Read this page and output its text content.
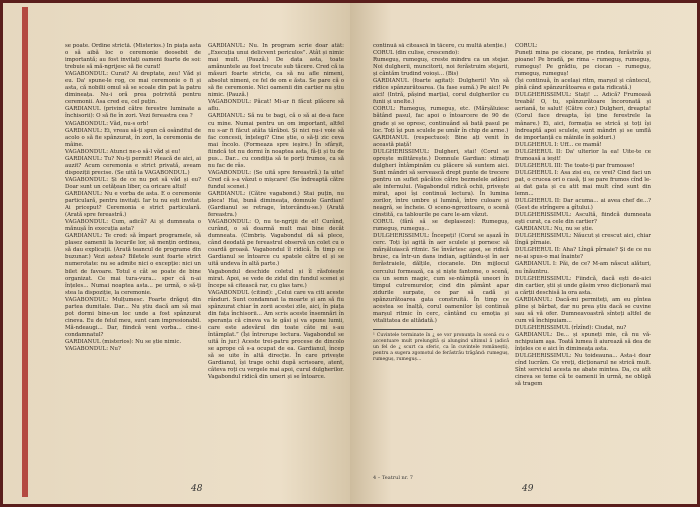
se poate. Ordine strictă. (Misterios.) În piața asta o să aibă loc o ceremonie deosebit de importantă; au fost invitați oameni foarte de soi: trebuie să mă-ngrijesc să fie curat!

VAGABONDUL: Curat? Ai dreptate, zeu! Văd și eu. Da' spune-le rog, ce mai ceremonie o fi și asta, că nobilii omul să se scoale din pat la patru dimineața. Nu-i oră prea potrivită pentru ceremonii. Asa cred eu, cel puțin.

GARDIANUL (privind către ferestre luminate a închisorii): O să fie în zori. Vezi fereastra cea ?

VAGABONDUL: Văd, nu-s orb!

GARDIANUL: Ei, vreau să-ți spun că osânditul de acolo o să fie spânzurat, în zori, la ceremonia de mâine.

VAGABONDUL: Atunci ne-o să-l văd și eu!

GARDIANUL: Tu? Nu-ți permit! Pleacă de aici, ai auzit? Acum ceremonia e strict privată, aveam dispoziții precise. (Se uită la VAGABONDUL.)

VAGABONDUL: Și de ce nu pot să văd și eu? Doar sunt un cetățean liber, ca oricare altul!

GARDIANUL: Nu e vorba de asta. E o ceremonie particulară, pentru invitați. Iar tu nu ești invitat. Ai priceput? Ceremonia e strict particulară. (Arată spre fereastră.)

VAGABONDUL: Cum, adică? Ai și dumneata o mănușă în execuția asta?

GARDIANUL: Te cred: să împart programele, să plasez oamenii la locurile lor, să mențin ordinea, să dau explicații. (Arată teancul de programe din buzunar.) Vezi astea? Biletele sunt foarte strict numerotate: nu se admite nici o excepție: nici un bilet de favoare. Totul e cât se poate de bine organizat. Ce mai tura-vura... sper că n-ai înțeles... Numai noaptea asta... pe urmă, o să-ți stea la dispoziție, la ceremonie.

VAGABONDUL: Mulțumesc. Foarte drăguț din partea dumitale. Dar... Nu știu dacă am să mai pot dormi bine-un loc unde a fost spânzurat cineva. Eu de felul meu, sunt cam impresionabil. Mă-ndeaugi... Dar, fiindcă veni vorba... cine-i condamnatul?

GARDIANUL (misterios): Nu se știe nimic.

VAGABONDUL: Nu?

GARDIANUL: Nu. În program scrie doar atât: „Execuția unui delicvent periculos”. Atât și nimic mai mult. (Pauză.) De data asta, toate amănuntele au fost trecute sub tăcere. Cred că ia măsuri foarte stricte, ca să nu afle nimeni, absolut nimeni, ce fel de om e ăsta. Se pare că o să fie ceremonie. Nici oamenii din cartier nu știu nimic. (Pauză.)

VAGABONDUL: Păcat! Mi-ar fi făcut plăcere să aflu.

GARDIANUL: Să nu te bagi, că o să ai de-a face cu mine. Numai pentru un om important, altfel nu s-ar fi făcut atâta tărăboi. Și nici nu-i voie să fac concesii, înțelegi? Cine știe, o să-ți zic ceva mai încolo. (Formeaza spre ieșire.) În sfârșit, fiindcă tot nu dormi în noaptea asta, fă-ți și tu de pus... Dar... cu condiția să te porți frumos, ca să nu fac de râs.

VAGABONDUL: (Se uită spre fereastră.) Ia uite! Cred că s-a văzut o mișcare! (Se îndreaptă către fundul scenei.)

GARDIANUL: (Către vagabond.) Stai puțin, nu pleca! Hai, bună dimineața, domnule Gardian! (Gardianul se retrage, întorcându-se.) (Arată fereastra.)

VAGABONDUL: O, nu te-ngrijii de el! Curând, curând, o să doarmă mult mai bine decât dumneata. (Cimbriș. Vagabondul dă să plece, când deodată pe fereastrul observă un colet cu o coardă groasă. Vagabondul îl ridică. În timp ce Gardianul se întoarce cu spatele către el și se uită undeva în altă parte.)

Vagabondul deschide coletul și îl răsfoiește mirat. Apoi, se vede de zidul din fundul scenei și începe să citească rar, cu glas tare.)

VAGABONDUL (citind): „Celui care va citi aceste rânduri. Sunt condamnat la moarte și am să fiu spânzurat chiar în zorii acestei zile, aici, în piața din fața închisorii... Am scris aceste însemnări în speranța că cineva va le găsi și va spune lumii, care este adevărul din toate câte mi s-au întâmplat.” (Își întrerupe lectura. Vagabondul se uită în jur.) Aceste trei-patru procese de dincolo se aprope că s-a ocupat de ea. Gardianul, încep să se uite în altă direcție. În care privește Gardianul, își trage ochii după scrisoare, atent, câteva roți cu vergele mai apoi, curul dulgherilor. Vagabondul ridică din umeri și se întoarce.

48

continuă să citească în tăcere, cu multă atenție.)

CORUL (din culise, crescendo):

Rumeguș, rumeguș, creste mindru ca un stejar. Noi dulgherii, muncitorii, noi ferăstruim stejarii, și cântăm trudind voioși... (Bis)

GARDIANUL (foarte agitat): Dulgherii! Vin să ridice spânzurătoarea. (Ia fase sumă.) Pe aici! Pe aici! (Intră, pășind marțial, corul dulgherilor cu funii și unelte.)

CORUL: Rumeguș, rumeguș, etc. (Mărșăluiesc bătând pasul, fac apoi o întoarcere de 90 de grade și se opresc, continuând să bată pasul pe loc. Toți își pun sculele pe umăr în chip de arme.)

GARDIANUL (respectuos): Bine ați venit în această piață!

DULGHERISSIMUL: Dulgheri, stai! (Corul se oprește militărește.) Domnule Gardian: stimați dulgheri întâmpinăm cu plăcere să suntem aici. Sunt mândri să servească drept punte de trecere pentru un suflet păcătos către bezmelele adânci ale infernului. (Vagabondul ridică ochii, privește mirat, apoi își continuă lectura). În lumina zorilor, între umbre și lumină, între culoare și neagră, se încheie. O sceno-ngrozitoare, o scenă cinstită, ca tablourile pe care le-am văzut.

CORUL (fără să se deplaseze): Rumeguș, rumeguș, rumeguș...

DULGHERISSIMUL: Începeți! (Corul se așază în cerc. Toți își agită în aer sculele și pornesc să mărșăluiască ritmic. Se învârtesc apoi, se ridică brusc, ca într-un dans indian, agitându-și în aer ferăstraiele, dălțile, ciocanele. Din mijlocul cercului formează, ca și niște fantome, o scenă, ca un semn magic, cum se-ntâmplă uneori în timpul cutremurelor, cind din pământ apar zidurile surpate, ce par să cadă și spânzurătoarea gata construită. În timp ce acestea se înalță, corul oamenilor își continuă marșul ritmic în cerc, cântând cu emoția și vitalitatea de altădată.)

¹ Cuvintele terminate în ¿ se vor pronunța în scenă cu o accentuare mult prelungită și alungind ultimul ă (adică un fel de ¿ scurt ca sferic, ca în cuvintele românești), pentru a sugera zgomotul de ferăstrău trăgând: rumeguș, rumeguș, rumeguș...

CORUL:

Puneți mina pe ciocane, pe rindea, ferăstrău și pioane! Pe bradă, pe rima – rumeguș, rumeguș, rumeguș! Pe grădiu, pe ciocan – rumeguș, rumeguș, rumeguș!

(Își continuă, în același ritm, marșul și cântecul, pînă când spânzurătoarea e gata ridicată.)

DULGHERISSIMUL: Stați! ... Adică? Frumoasă treabă! O, tu, spânzurătoare încoronată și aeriană, te salut! (Către cor.) Dulgheri, dreapta! (Corul face dreapta, își ține ferestrele la mânare.) Ei, aici, formația se strică și toți își îndreaptă apoi sculele, sunt mândri și se umflă de importanță cu mâinile în șolduri.)

DULGHERUL I: Uff... ce mamă!

DULGHERUL II: Da' ulterior la ea! Uite-te ce frumoasă a ieșit!

DULGHERUL III: Tie toate-ți par frumoase!

DULGHERUL I: Asa zisi eu, ce vrei? Cind faci un pat, o crucea ori o casă, ți se pare frumos cînd le-ai dat gata și cu atit mai mult cînd sunt din lemn...

DULGHERUL II: Dar acuma... ai avea chef de...? (Gest de strîngere a gîtului.)

DULGHERISSIMUL: Ascultă, fiindcă dumneata ești curat, ca cele din cartier?

GARDIANUL: Nu, nu se știe.

DULGHERISSIMUL: Năucut și crescut aici, chiar lîngă pîrnaie.

DULGHERUL II: Aha? Lîngă pîrnaie? Și de ce nu ne-ai spus-o mai înainte?

GARDIANUL I: Păi, de ce? M-am născut alături, nu înăuntru.

DULGHERISSIMUL: Fiindcă, dacă ești de-aici din cartier, știi și unde găsim vreo dicționară mai a cărții deschisă la ora asta.

GARDIANUL: Dacă-mi permiteți, am eu pîntea pline și bărbat, dar nu prea știu dacă se cuvine sau să vă ofer. Dumneavoastră sînteți altfel de cum vă închipuiam...

DULGHERISSIMUL (rîzînd): Ciudat, nu?

GARDIANUL: De... și spuneți mie, că nu vă-nchipuiam aşa. Toată lumea îi aiurează să dea de înțeles ce e aici în dimineața asta.

DULGHERISSIMUL: Nu toideauna... Asta-i doar cînd lucrăm. Ce vreți, dicționarul ne strică mult. Sînt serviciul acesta ne abate mintea. Da, cu atît cineva se teme că te oamenii în urmă, ne obligă să tragem

4 – Teatrul nr. 7
49
